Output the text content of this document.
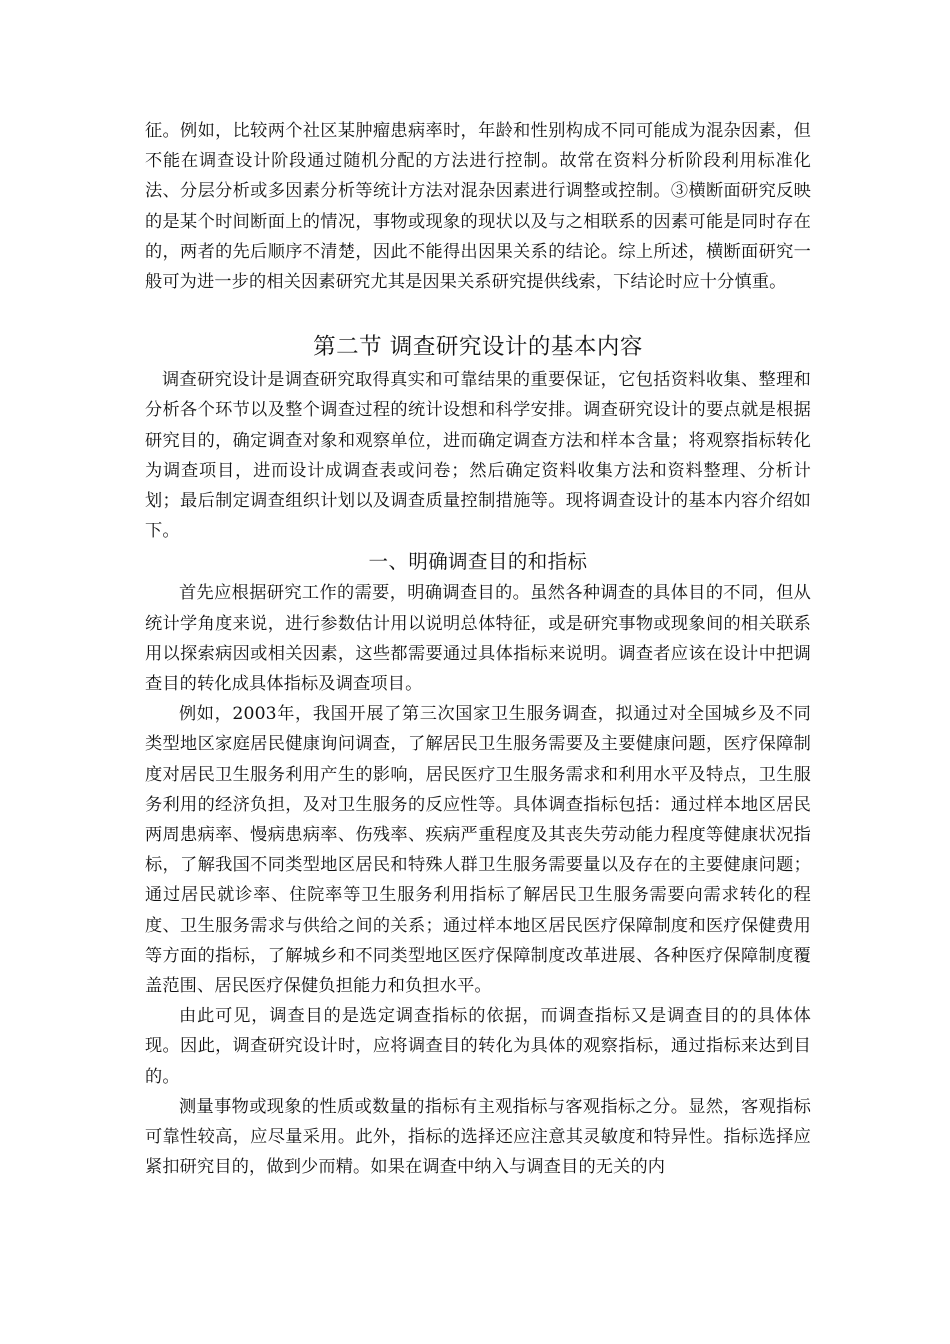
征。例如，比较两个社区某肿瘤患病率时，年龄和性别构成不同可能成为混杂因素，但不能在调查设计阶段通过随机分配的方法进行控制。故常在资料分析阶段利用标准化法、分层分析或多因素分析等统计方法对混杂因素进行调整或控制。③横断面研究反映的是某个时间断面上的情况，事物或现象的现状以及与之相联系的因素可能是同时存在的，两者的先后顺序不清楚，因此不能得出因果关系的结论。综上所述，横断面研究一般可为进一步的相关因素研究尤其是因果关系研究提供线索，下结论时应十分慎重。

第二节 调查研究设计的基本内容

调查研究设计是调查研究取得真实和可靠结果的重要保证，它包括资料收集、整理和分析各个环节以及整个调查过程的统计设想和科学安排。调查研究设计的要点就是根据研究目的，确定调查对象和观察单位，进而确定调查方法和样本含量；将观察指标转化为调查项目，进而设计成调查表或问卷；然后确定资料收集方法和资料整理、分析计划；最后制定调查组织计划以及调查质量控制措施等。现将调查设计的基本内容介绍如下。

一、明确调查目的和指标

首先应根据研究工作的需要，明确调查目的。虽然各种调查的具体目的不同，但从统计学角度来说，进行参数估计用以说明总体特征，或是研究事物或现象间的相关联系用以探索病因或相关因素，这些都需要通过具体指标来说明。调查者应该在设计中把调查目的转化成具体指标及调查项目。

例如，2003年，我国开展了第三次国家卫生服务调查，拟通过对全国城乡及不同类型地区家庭居民健康询问调查，了解居民卫生服务需要及主要健康问题，医疗保障制度对居民卫生服务利用产生的影响，居民医疗卫生服务需求和利用水平及特点，卫生服务利用的经济负担，及对卫生服务的反应性等。具体调查指标包括：通过样本地区居民两周患病率、慢病患病率、伤残率、疾病严重程度及其丧失劳动能力程度等健康状况指标，了解我国不同类型地区居民和特殊人群卫生服务需要量以及存在的主要健康问题；通过居民就诊率、住院率等卫生服务利用指标了解居民卫生服务需要向需求转化的程度、卫生服务需求与供给之间的关系；通过样本地区居民医疗保障制度和医疗保健费用等方面的指标，了解城乡和不同类型地区医疗保障制度改革进展、各种医疗保障制度覆盖范围、居民医疗保健负担能力和负担水平。

由此可见，调查目的是选定调查指标的依据，而调查指标又是调查目的的具体体现。因此，调查研究设计时，应将调查目的转化为具体的观察指标，通过指标来达到目的。

测量事物或现象的性质或数量的指标有主观指标与客观指标之分。显然，客观指标可靠性较高，应尽量采用。此外，指标的选择还应注意其灵敏度和特异性。指标选择应紧扣研究目的，做到少而精。如果在调查中纳入与调查目的无关的内
